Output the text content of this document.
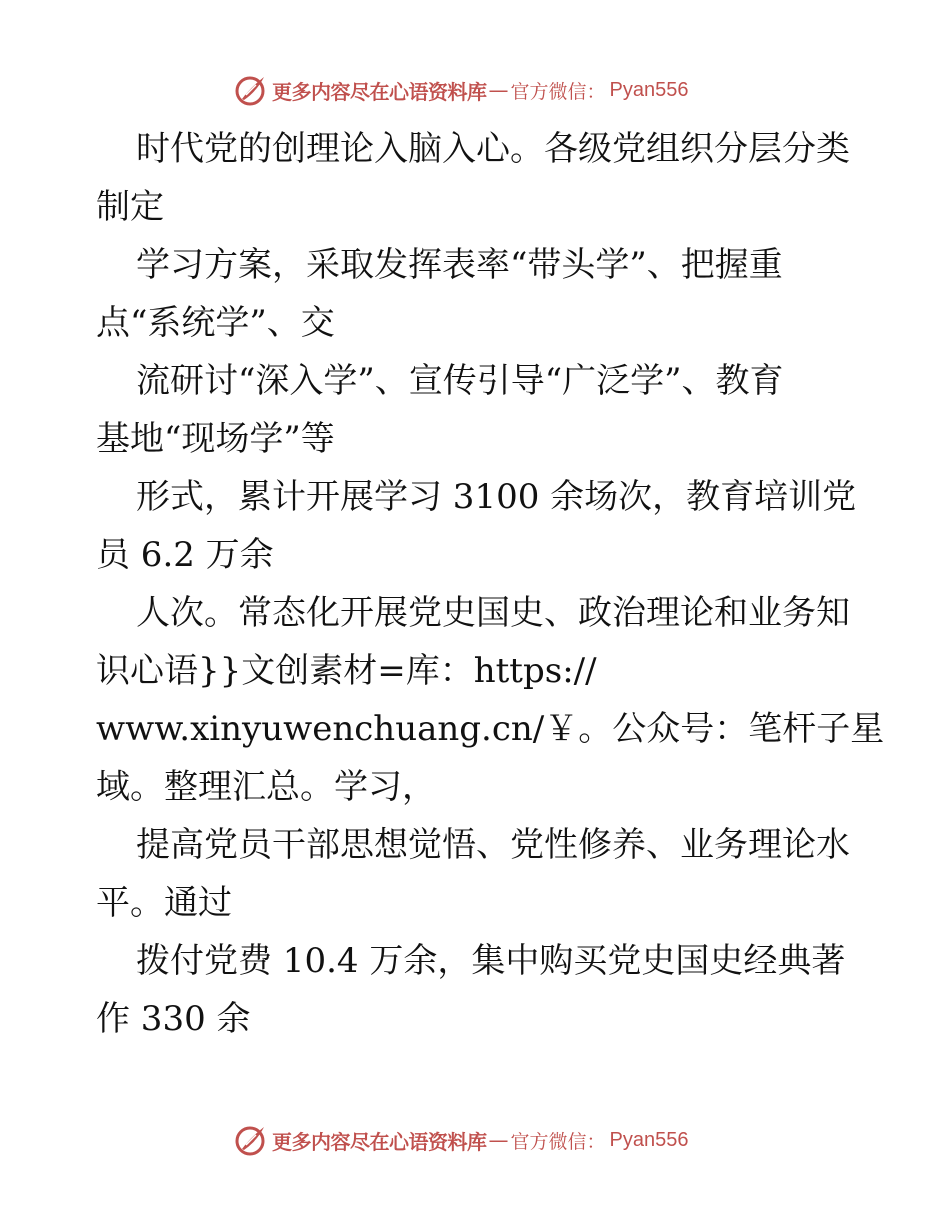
更多内容尽在心语资料库 — 官方微信： Pyan556
时代党的创理论入脑入心。各级党组织分层分类
制定
学习方案，采取发挥表率“带头学”、把握重
点“系统学”、交
流研讨“深入学”、宣传引导“广泛学”、教育
基地“现场学”等
形式，累计开展学习 3100 余场次，教育培训党
员 6.2 万余
人次。常态化开展党史国史、政治理论和业务知
识心语}}文创素材=库：https://
www.xinyuwenchuang.cn/￥。公众号：笔杆子星
域。整理汇总。学习，
提高党员干部思想觉悟、党性修养、业务理论水
平。通过
拨付党费 10.4 万余，集中购买党史国史经典著
作 330 余
更多内容尽在心语资料库 — 官方微信： Pyan556
